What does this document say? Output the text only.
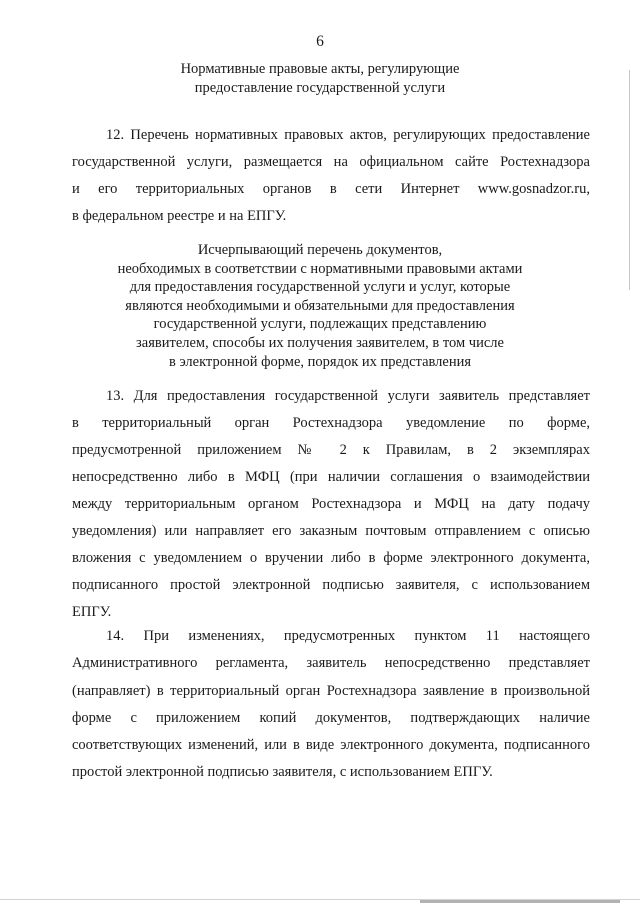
6
Нормативные правовые акты, регулирующие
предоставление государственной услуги
12. Перечень нормативных правовых актов, регулирующих предоставление
государственной услуги, размещается на официальном сайте Ростехнадзора
и его территориальных органов в сети Интернет www.gosnadzor.ru,
в федеральном реестре и на ЕПГУ.
Исчерпывающий перечень документов,
необходимых в соответствии с нормативными правовыми актами
для предоставления государственной услуги и услуг, которые
являются необходимыми и обязательными для предоставления
государственной услуги, подлежащих представлению
заявителем, способы их получения заявителем, в том числе
в электронной форме, порядок их представления
13. Для предоставления государственной услуги заявитель представляет
в территориальный орган Ростехнадзора уведомление по форме,
предусмотренной приложением № 2 к Правилам, в 2 экземплярах
непосредственно либо в МФЦ (при наличии соглашения о взаимодействии
между территориальным органом Ростехнадзора и МФЦ на дату подачу
уведомления) или направляет его заказным почтовым отправлением с описью
вложения с уведомлением о вручении либо в форме электронного документа,
подписанного простой электронной подписью заявителя, с использованием
ЕПГУ.
14. При изменениях, предусмотренных пунктом 11 настоящего
Административного регламента, заявитель непосредственно представляет
(направляет) в территориальный орган Ростехнадзора заявление в произвольной
форме с приложением копий документов, подтверждающих наличие
соответствующих изменений, или в виде электронного документа, подписанного
простой электронной подписью заявителя, с использованием ЕПГУ.
